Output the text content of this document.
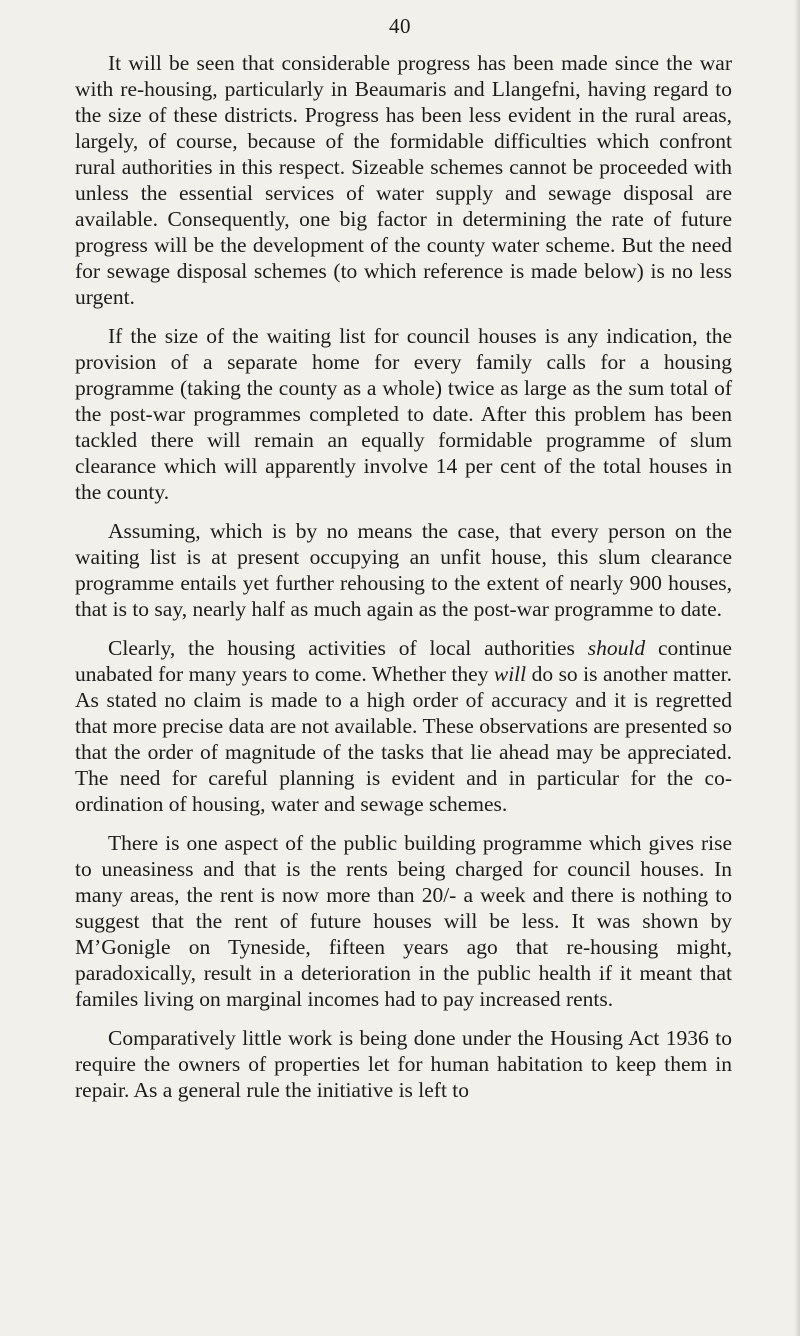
40

It will be seen that considerable progress has been made since the war with re-housing, particularly in Beaumaris and Llangefni, having regard to the size of these districts. Progress has been less evident in the rural areas, largely, of course, because of the formidable difficulties which confront rural authorities in this respect. Sizeable schemes cannot be proceeded with unless the essential services of water supply and sewage disposal are available. Consequently, one big factor in determining the rate of future progress will be the development of the county water scheme. But the need for sewage disposal schemes (to which reference is made below) is no less urgent.

If the size of the waiting list for council houses is any indication, the provision of a separate home for every family calls for a housing programme (taking the county as a whole) twice as large as the sum total of the post-war programmes completed to date. After this problem has been tackled there will remain an equally formidable programme of slum clearance which will apparently involve 14 per cent of the total houses in the county.

Assuming, which is by no means the case, that every person on the waiting list is at present occupying an unfit house, this slum clearance programme entails yet further rehousing to the extent of nearly 900 houses, that is to say, nearly half as much again as the post-war programme to date.

Clearly, the housing activities of local authorities should continue unabated for many years to come. Whether they will do so is another matter. As stated no claim is made to a high order of accuracy and it is regretted that more precise data are not available. These observations are presented so that the order of magnitude of the tasks that lie ahead may be appreciated. The need for careful planning is evident and in particular for the co-ordination of housing, water and sewage schemes.

There is one aspect of the public building programme which gives rise to uneasiness and that is the rents being charged for council houses. In many areas, the rent is now more than 20/- a week and there is nothing to suggest that the rent of future houses will be less. It was shown by M’Gonigle on Tyneside, fifteen years ago that re-housing might, paradoxically, result in a deterioration in the public health if it meant that familes living on marginal incomes had to pay increased rents.

Comparatively little work is being done under the Housing Act 1936 to require the owners of properties let for human habitation to keep them in repair. As a general rule the initiative is left to
